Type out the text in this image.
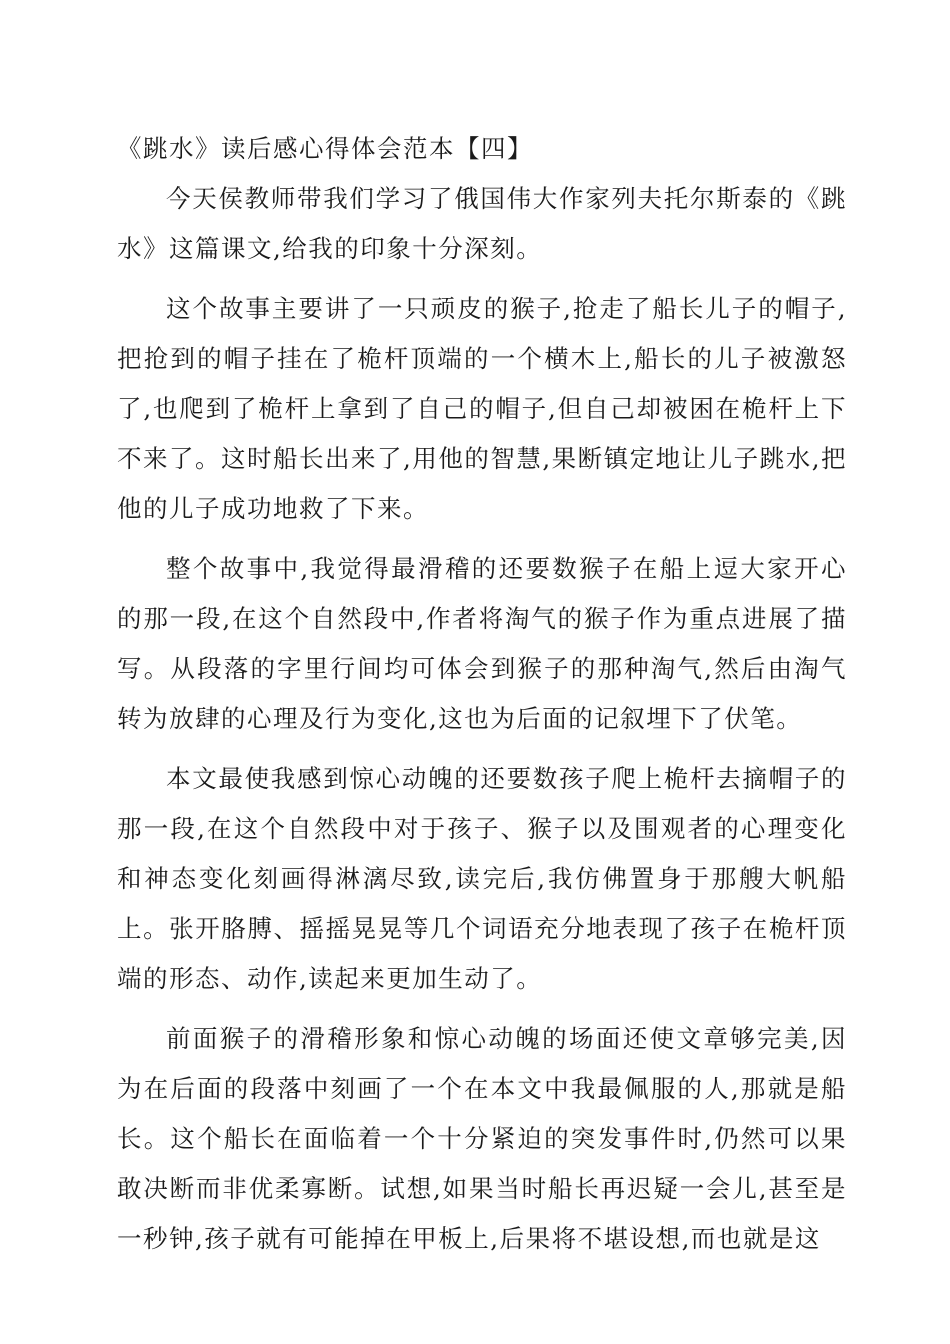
《跳水》读后感心得体会范本【四】

今天侯教师带我们学习了俄国伟大作家列夫托尔斯泰的《跳水》这篇课文,给我的印象十分深刻。

这个故事主要讲了一只顽皮的猴子,抢走了船长儿子的帽子,把抢到的帽子挂在了桅杆顶端的一个横木上,船长的儿子被激怒了,也爬到了桅杆上拿到了自己的帽子,但自己却被困在桅杆上下不来了。这时船长出来了,用他的智慧,果断镇定地让儿子跳水,把他的儿子成功地救了下来。

整个故事中,我觉得最滑稽的还要数猴子在船上逗大家开心的那一段,在这个自然段中,作者将淘气的猴子作为重点进展了描写。从段落的字里行间均可体会到猴子的那种淘气,然后由淘气转为放肆的心理及行为变化,这也为后面的记叙埋下了伏笔。

本文最使我感到惊心动魄的还要数孩子爬上桅杆去摘帽子的那一段,在这个自然段中对于孩子、猴子以及围观者的心理变化和神态变化刻画得淋漓尽致,读完后,我仿佛置身于那艘大帆船上。张开胳膊、摇摇晃晃等几个词语充分地表现了孩子在桅杆顶端的形态、动作,读起来更加生动了。

前面猴子的滑稽形象和惊心动魄的场面还使文章够完美,因为在后面的段落中刻画了一个在本文中我最佩服的人,那就是船长。这个船长在面临着一个十分紧迫的突发事件时,仍然可以果敢决断而非优柔寡断。试想,如果当时船长再迟疑一会儿,甚至是一秒钟,孩子就有可能掉在甲板上,后果将不堪设想,而也就是这
